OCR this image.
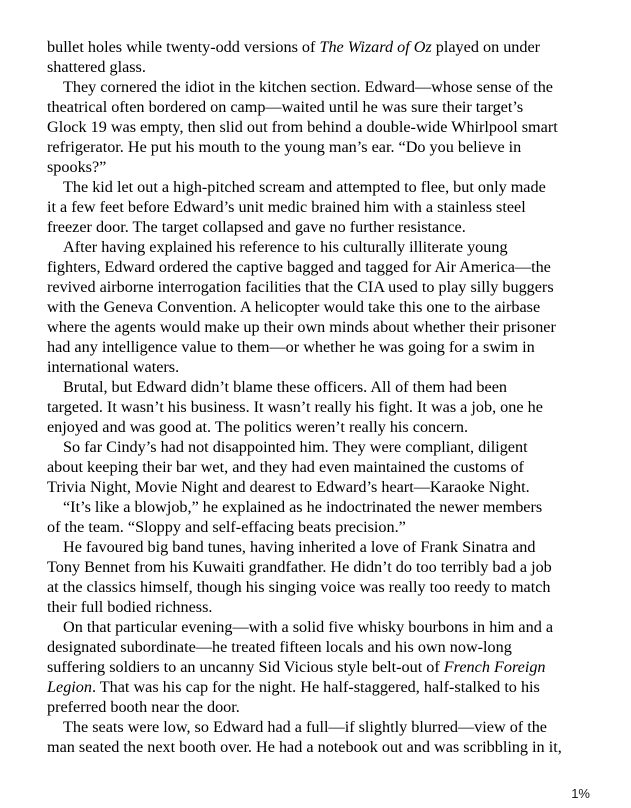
bullet holes while twenty-odd versions of The Wizard of Oz played on under
shattered glass.
They cornered the idiot in the kitchen section. Edward—whose sense of the
theatrical often bordered on camp—waited until he was sure their target’s
Glock 19 was empty, then slid out from behind a double-wide Whirlpool smart
refrigerator. He put his mouth to the young man’s ear. “Do you believe in
spooks?”
The kid let out a high-pitched scream and attempted to flee, but only made
it a few feet before Edward’s unit medic brained him with a stainless steel
freezer door. The target collapsed and gave no further resistance.
After having explained his reference to his culturally illiterate young
fighters, Edward ordered the captive bagged and tagged for Air America—the
revived airborne interrogation facilities that the CIA used to play silly buggers
with the Geneva Convention. A helicopter would take this one to the airbase
where the agents would make up their own minds about whether their prisoner
had any intelligence value to them—or whether he was going for a swim in
international waters.
Brutal, but Edward didn’t blame these officers. All of them had been
targeted. It wasn’t his business. It wasn’t really his fight. It was a job, one he
enjoyed and was good at. The politics weren’t really his concern.
So far Cindy’s had not disappointed him. They were compliant, diligent
about keeping their bar wet, and they had even maintained the customs of
Trivia Night, Movie Night and dearest to Edward’s heart—Karaoke Night.
“It’s like a blowjob,” he explained as he indoctrinated the newer members
of the team. “Sloppy and self-effacing beats precision.”
He favoured big band tunes, having inherited a love of Frank Sinatra and
Tony Bennet from his Kuwaiti grandfather. He didn’t do too terribly bad a job
at the classics himself, though his singing voice was really too reedy to match
their full bodied richness.
On that particular evening—with a solid five whisky bourbons in him and a
designated subordinate—he treated fifteen locals and his own now-long
suffering soldiers to an uncanny Sid Vicious style belt-out of French Foreign
Legion. That was his cap for the night. He half-staggered, half-stalked to his
preferred booth near the door.
The seats were low, so Edward had a full—if slightly blurred—view of the
man seated the next booth over. He had a notebook out and was scribbling in it,
1%
